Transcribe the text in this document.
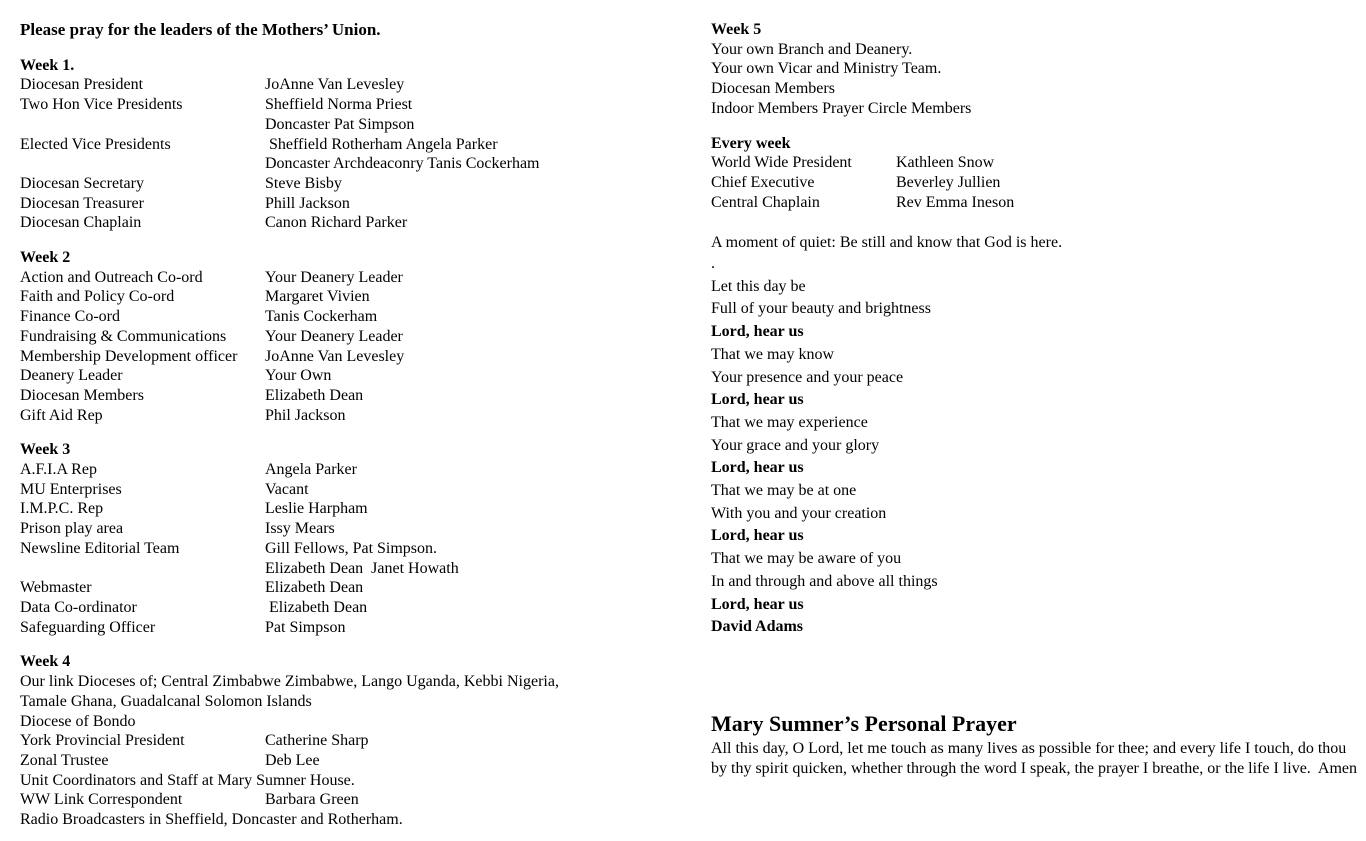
Please pray for the leaders of the Mothers’ Union.
Week 1.
Diocesan President	JoAnne Van Levesley
Two Hon Vice Presidents	Sheffield Norma Priest
Doncaster Pat Simpson
Elected Vice Presidents	Sheffield Rotherham Angela Parker
Doncaster Archdeaconry Tanis Cockerham
Diocesan Secretary	Steve Bisby
Diocesan Treasurer	Phill Jackson
Diocesan Chaplain	Canon Richard Parker
Week 2
Action and Outreach Co-ord	Your Deanery Leader
Faith and Policy Co-ord	Margaret Vivien
Finance Co-ord	Tanis Cockerham
Fundraising & Communications	Your Deanery Leader
Membership Development officer	JoAnne Van Levesley
Deanery Leader	Your Own
Diocesan Members	Elizabeth Dean
Gift Aid Rep	Phil Jackson
Week 3
A.F.I.A Rep	Angela Parker
MU Enterprises	Vacant
I.M.P.C. Rep	Leslie Harpham
Prison play area	Issy Mears
Newsline Editorial Team	Gill Fellows, Pat Simpson.
Elizabeth Dean  Janet Howath
Webmaster	Elizabeth Dean
Data Co-ordinator	Elizabeth Dean
Safeguarding Officer	Pat Simpson
Week 4
Our link Dioceses of; Central Zimbabwe Zimbabwe, Lango Uganda, Kebbi Nigeria,
Tamale Ghana, Guadalcanal Solomon Islands
Diocese of Bondo
York Provincial President	Catherine Sharp
Zonal Trustee	Deb Lee
Unit Coordinators and Staff at Mary Sumner House.
WW Link Correspondent	Barbara Green
Radio Broadcasters in Sheffield, Doncaster and Rotherham.
Week 5
Your own Branch and Deanery.
Your own Vicar and Ministry Team.
Diocesan Members
Indoor Members Prayer Circle Members
Every week
World Wide President	Kathleen Snow
Chief Executive	Beverley Jullien
Central Chaplain	Rev Emma Ineson
A moment of quiet: Be still and know that God is here.
.
Let this day be
Full of your beauty and brightness
Lord, hear us
That we may know
Your presence and your peace
Lord, hear us
That we may experience
Your grace and your glory
Lord, hear us
That we may be at one
With you and your creation
Lord, hear us
That we may be aware of you
In and through and above all things
Lord, hear us
David Adams
Mary Sumner’s Personal Prayer
All this day, O Lord, let me touch as many lives as possible for thee; and every life I touch, do thou by thy spirit quicken, whether through the word I speak, the prayer I breathe, or the life I live.  Amen
